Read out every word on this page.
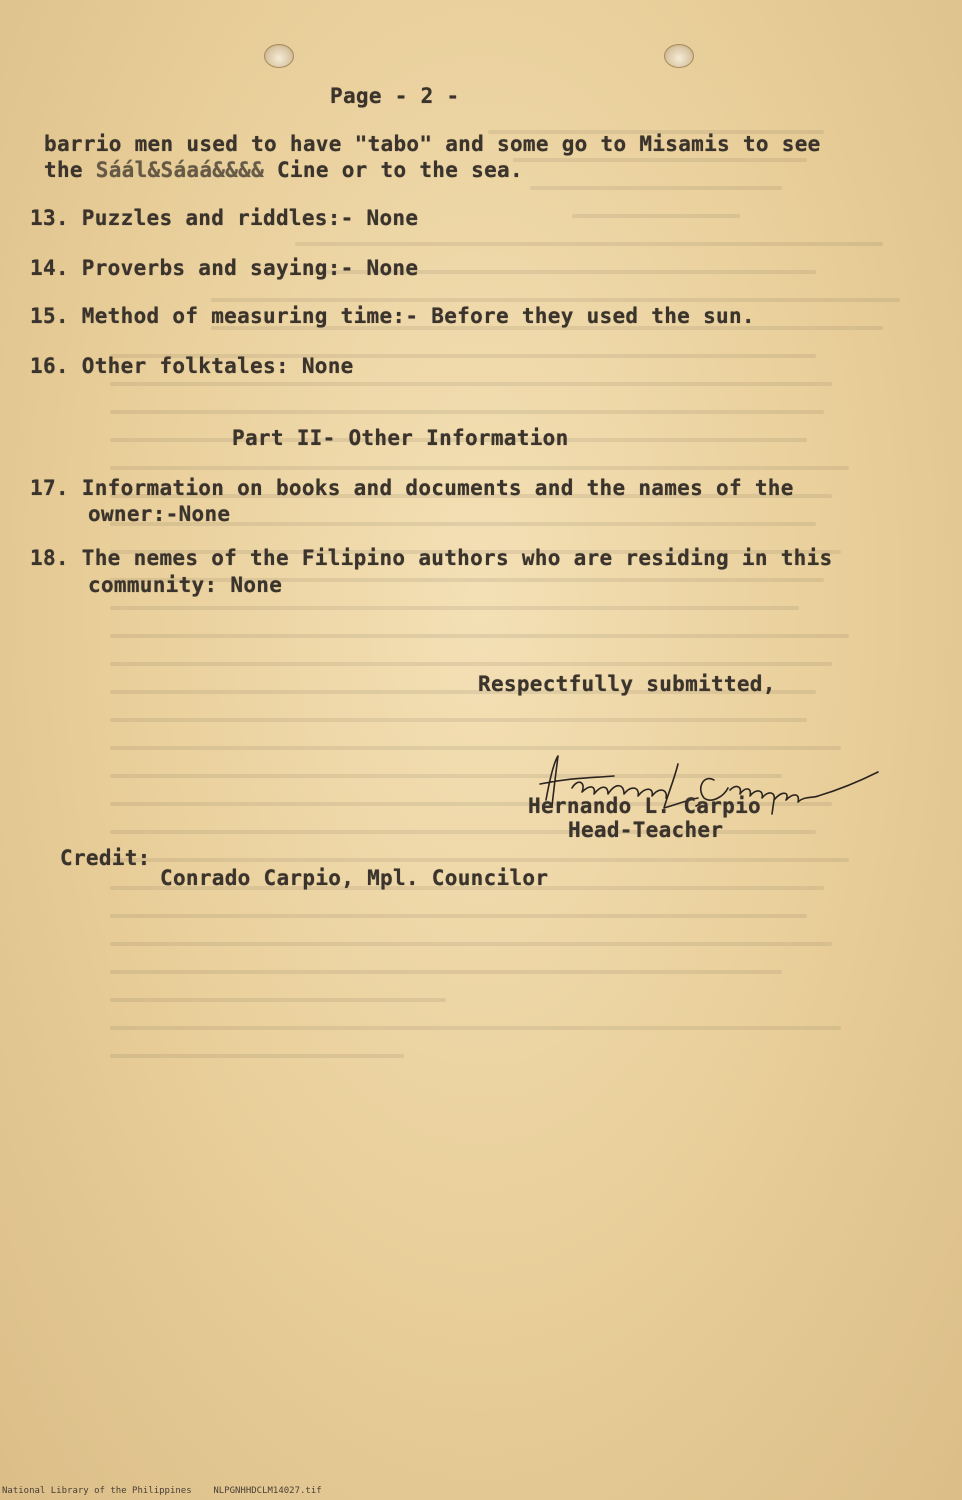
Page - 2 -
barrio men used to have "tabo" and some go to Misamis to see
the Sáál&Sáaá&&&& Cine or to the sea.
13. Puzzles and riddles:- None
14. Proverbs and saying:- None
15. Method of measuring time:- Before they used the sun.
16. Other folktales: None
Part II- Other Information
17. Information on books and documents and the names of the
owner:-None
18. The nemes of the Filipino authors who are residing in this
community: None
Respectfully submitted,
Hernando L. Carpio
Head-Teacher
Credit:
Conrado Carpio, Mpl. Councilor
National Library of the Philippines    NLPGNHHDCLM14027.tif
